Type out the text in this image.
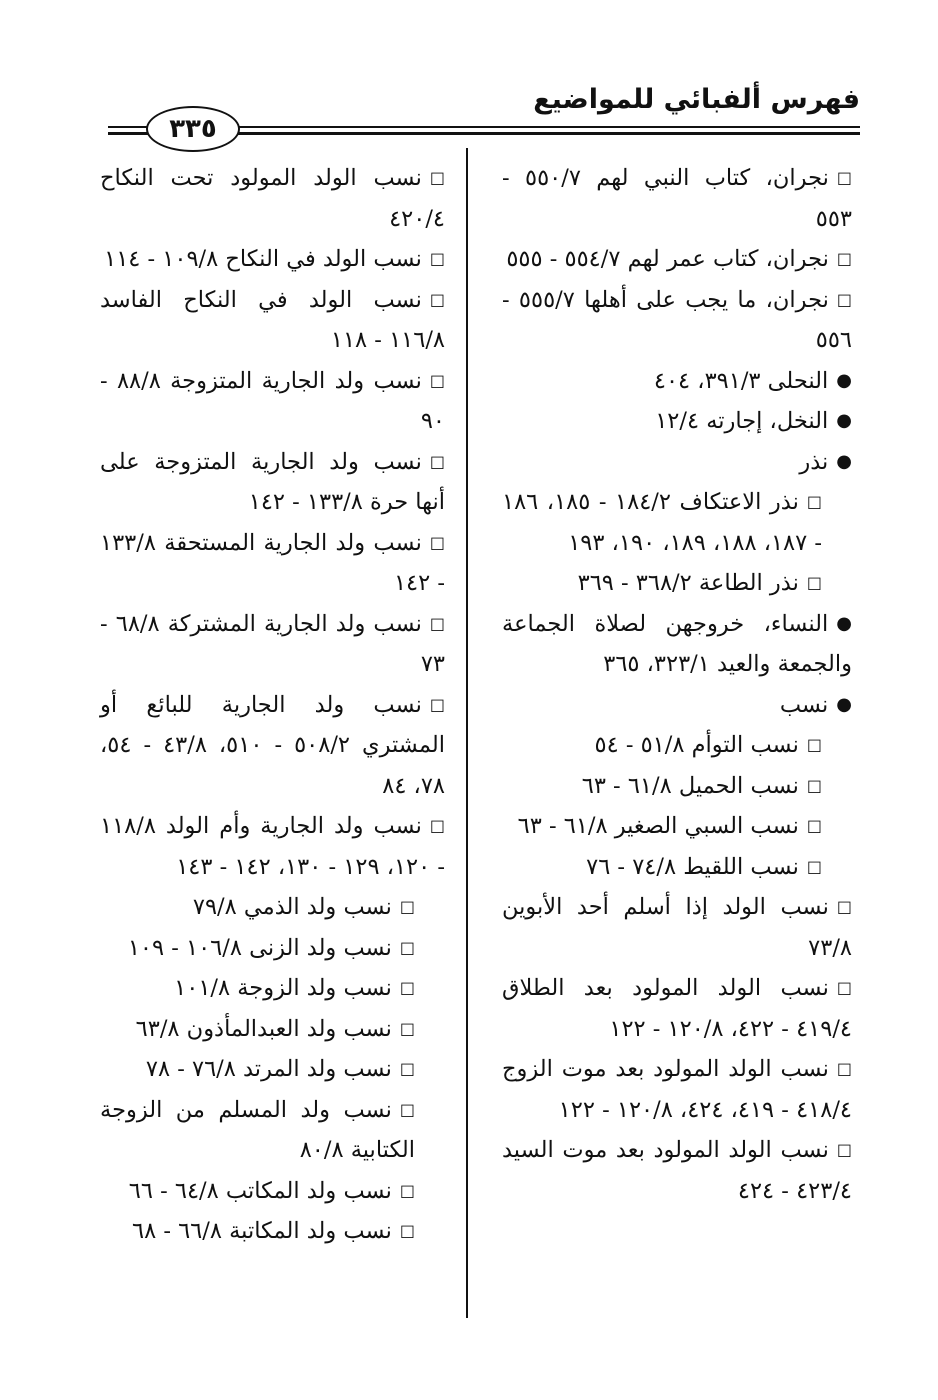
فهرس ألفبائي للمواضيع
٣٣٥

□نجران، كتاب النبي لهم ٥٥٠/٧ - ٥٥٣

□نجران، كتاب عمر لهم ٥٥٤/٧ - ٥٥٥

□نجران، ما يجب على أهلها ٥٥٥/٧ - ٥٥٦

●النحلى ٣٩١/٣، ٤٠٤

●النخل، إجارته ١٢/٤

●نذر

□نذر الاعتكاف ١٨٤/٢ - ١٨٥، ١٨٦ - ١٨٧، ١٨٨، ١٨٩، ١٩٠، ١٩٣

□نذر الطاعة ٣٦٨/٢ - ٣٦٩

●النساء، خروجهن لصلاة الجماعة والجمعة والعيد ٣٢٣/١، ٣٦٥

●نسب

□نسب التوأم ٥١/٨ - ٥٤

□نسب الحميل ٦١/٨ - ٦٣

□نسب السبي الصغير ٦١/٨ - ٦٣

□نسب اللقيط ٧٤/٨ - ٧٦

□نسب الولد إذا أسلم أحد الأبوين ٧٣/٨

□نسب الولد المولود بعد الطلاق ٤١٩/٤ - ٤٢٢، ١٢٠/٨ - ١٢٢

□نسب الولد المولود بعد موت الزوج ٤١٨/٤ - ٤١٩، ٤٢٤، ١٢٠/٨ - ١٢٢

□نسب الولد المولود بعد موت السيد ٤٢٣/٤ - ٤٢٤

□نسب الولد المولود تحت النكاح ٤٢٠/٤

□نسب الولد في النكاح ١٠٩/٨ - ١١٤

□نسب الولد في النكاح الفاسد ١١٦/٨ - ١١٨

□نسب ولد الجارية المتزوجة ٨٨/٨ - ٩٠

□نسب ولد الجارية المتزوجة على أنها حرة ١٣٣/٨ - ١٤٢

□نسب ولد الجارية المستحقة ١٣٣/٨ - ١٤٢

□نسب ولد الجارية المشتركة ٦٨/٨ - ٧٣

□نسب ولد الجارية للبائع أو المشتري ٥٠٨/٢ - ٥١٠، ٤٣/٨ - ٥٤، ٧٨، ٨٤

□نسب ولد الجارية وأم الولد ١١٨/٨ - ١٢٠، ١٢٩ - ١٣٠، ١٤٢ - ١٤٣

□نسب ولد الذمي ٧٩/٨

□نسب ولد الزنى ١٠٦/٨ - ١٠٩

□نسب ولد الزوجة ١٠١/٨

□نسب ولد العبدالمأذون ٦٣/٨

□نسب ولد المرتد ٧٦/٨ - ٧٨

□نسب ولد المسلم من الزوجة الكتابية ٨٠/٨

□نسب ولد المكاتب ٦٤/٨ - ٦٦

□نسب ولد المكاتبة ٦٦/٨ - ٦٨
